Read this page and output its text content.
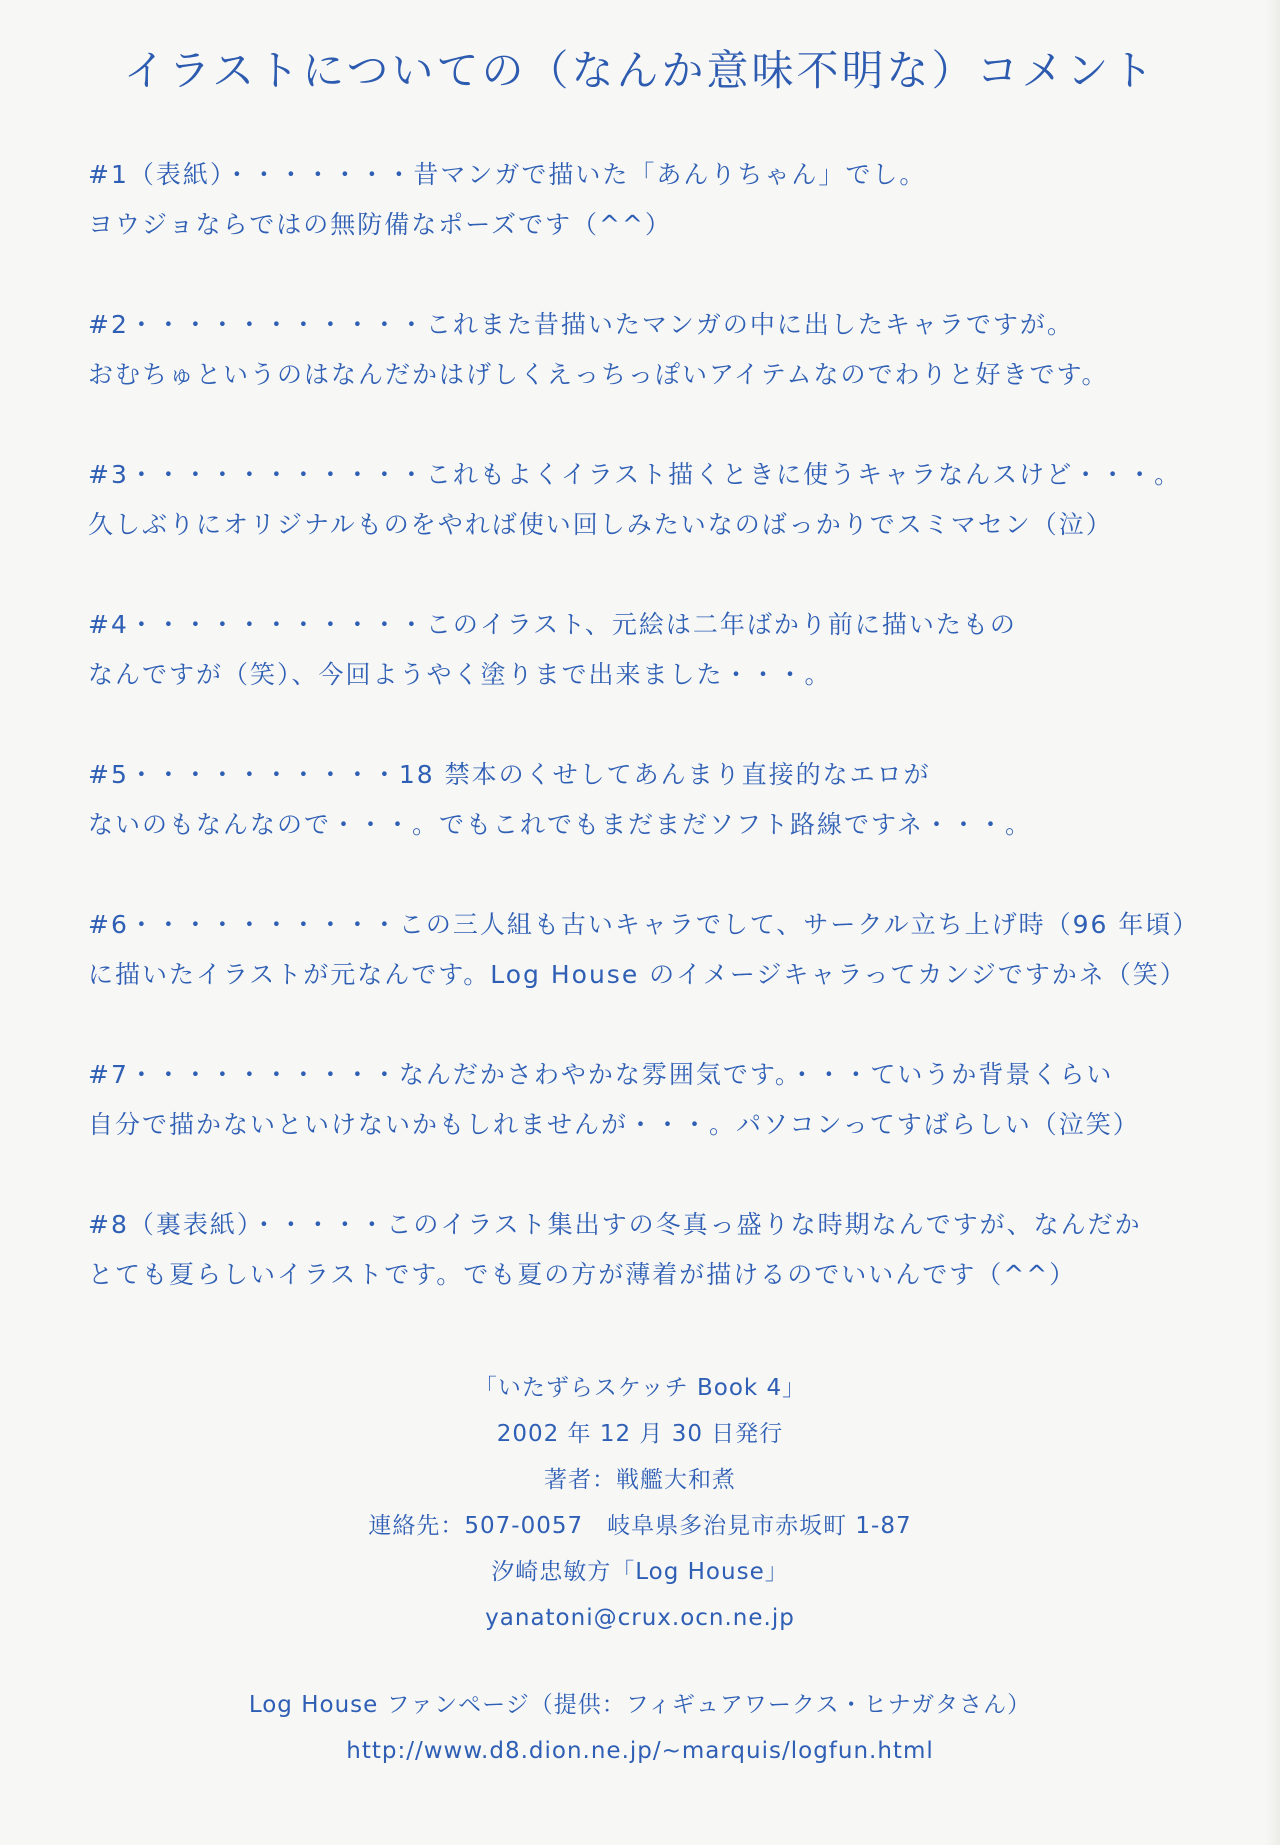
イラストについての（なんか意味不明な）コメント
#1（表紙）・・・・・・・昔マンガで描いた「あんりちゃん」でし。
ヨウジョならではの無防備なポーズです（^^）
#2・・・・・・・・・・・これまた昔描いたマンガの中に出したキャラですが。
おむちゅというのはなんだかはげしくえっちっぽいアイテムなのでわりと好きです。
#3・・・・・・・・・・・これもよくイラスト描くときに使うキャラなんスけど・・・。
久しぶりにオリジナルものをやれば使い回しみたいなのばっかりでスミマセン（泣）
#4・・・・・・・・・・・このイラスト、元絵は二年ばかり前に描いたもの
なんですが（笑）、今回ようやく塗りまで出来ました・・・。
#5・・・・・・・・・・18 禁本のくせしてあんまり直接的なエロが
ないのもなんなので・・・。でもこれでもまだまだソフト路線ですネ・・・。
#6・・・・・・・・・・この三人組も古いキャラでして、サークル立ち上げ時（96 年頃）
に描いたイラストが元なんです。Log House のイメージキャラってカンジですかネ（笑）
#7・・・・・・・・・・なんだかさわやかな雰囲気です。・・・ていうか背景くらい
自分で描かないといけないかもしれませんが・・・。パソコンってすばらしい（泣笑）
#8（裏表紙）・・・・・このイラスト集出すの冬真っ盛りな時期なんですが、なんだか
とても夏らしいイラストです。でも夏の方が薄着が描けるのでいいんです（^^）
「いたずらスケッチ Book 4」
2002 年 12 月 30 日発行
著者：戦艦大和煮
連絡先：507-0057　岐阜県多治見市赤坂町 1-87
汐崎忠敏方「Log House」
yanatoni@crux.ocn.ne.jp
Log House ファンページ（提供：フィギュアワークス・ヒナガタさん）
http://www.d8.dion.ne.jp/~marquis/logfun.html
